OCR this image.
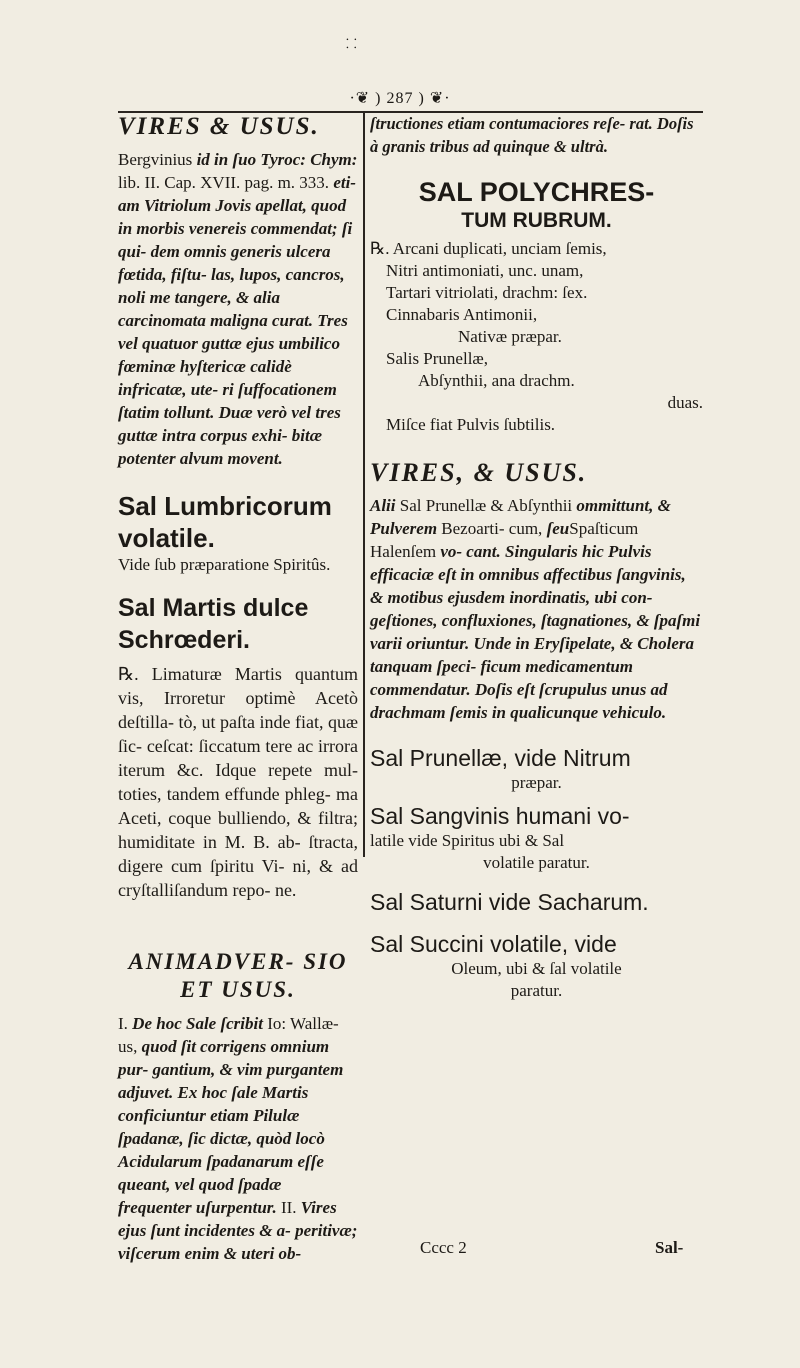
·❦ ) 287 ) ❦·
⸬
VIRES & USUS.

Bergvinius id in ſuo Tyroc: Chym: lib. II. Cap. XVII. pag. m. 333. eti- am Vitriolum Jovis apellat, quod in morbis venereis commendat; ſi qui- dem omnis generis ulcera fœtida, fiſtu- las, lupos, cancros, noli me tangere, & alia carcinomata maligna curat. Tres vel quatuor guttæ ejus umbilico fœminæ hyſtericæ calidè infricatæ, ute- ri ſuffocationem ſtatim tollunt. Duæ verò vel tres guttæ intra corpus exhi- bitæ potenter alvum movent.

Sal Lumbricorum volatile.

Vide ſub præparatione Spiritûs.

Sal Martis dulce Schrœderi.

℞. Limaturæ Martis quantum vis, Irroretur optimè Acetò deſtilla- tò, ut paſta inde fiat, quæ ſic- ceſcat: ſiccatum tere ac irrora iterum &c. Idque repete mul- toties, tandem effunde phleg- ma Aceti, coque bulliendo, & filtra; humiditate in M. B. ab- ſtracta, digere cum ſpiritu Vi- ni, & ad cryſtalliſandum repo- ne.

ANIMADVER- SIO ET USUS.

I. De hoc Sale ſcribit Io: Wallæ- us, quod ſit corrigens omnium pur- gantium, & vim purgantem adjuvet. Ex hoc ſale Martis conficiuntur etiam Pilulæ ſpadanæ, ſic dictæ, quòd locò Acidularum ſpadanarum eſſe queant, vel quod ſpadæ frequenter uſurpentur. II. Vires ejus ſunt incidentes & a- peritivæ; viſcerum enim & uteri ob-

ſtructiones etiam contumaciores reſe- rat. Doſis à granis tribus ad quinque & ultrà.

SAL POLYCHRES-
TUM RUBRUM.

℞. Arcani duplicati, unciam ſemis,

Nitri antimoniati, unc. unam,

Tartari vitriolati, drachm: ſex.

Cinnabaris Antimonii,

Nativæ præpar.

Salis Prunellæ,

Abſynthii, ana drachm.

duas.

Miſce fiat Pulvis ſubtilis.

VIRES, & USUS.

Alii Sal Prunellæ & Abſynthii ommittunt, & Pulverem Bezoarti- cum, ſeuSpaſticum Halenſem vo- cant. Singularis hic Pulvis efficaciæ eſt in omnibus affectibus ſangvinis, & motibus ejusdem inordinatis, ubi con- geſtiones, confluxiones, ſtagnationes, & ſpaſmi varii oriuntur. Unde in Eryſipelate, & Cholera tanquam ſpeci- ficum medicamentum commendatur. Doſis eſt ſcrupulus unus ad drachmam ſemis in qualicunque vehiculo.

Sal Prunellæ, vide Nitrum

præpar.

Sal Sangvinis humani vo-

latile vide Spiritus ubi & Sal

volatile paratur.

Sal Saturni vide Sacharum.

Sal Succini volatile, vide

Oleum, ubi & ſal volatile

paratur.

Cccc 2	Sal-
